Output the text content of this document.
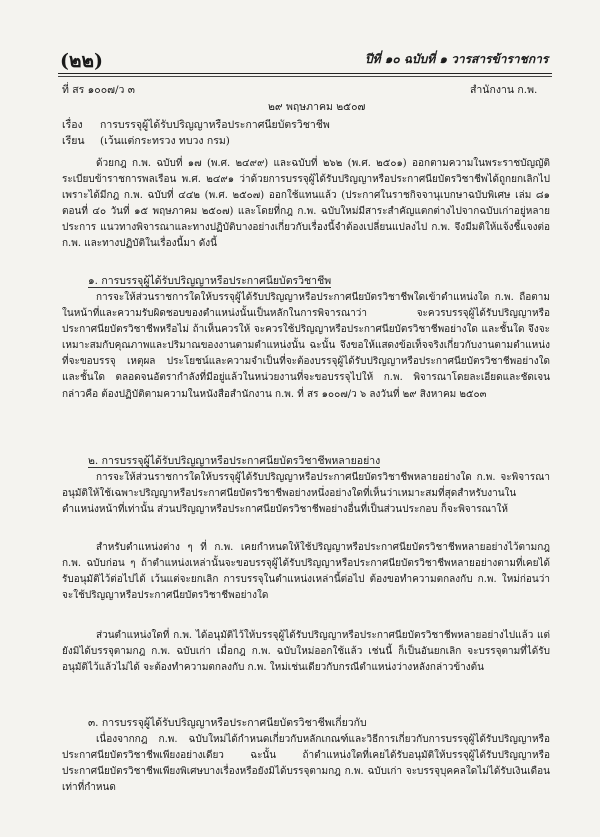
(๒๒)	ปีที่ ๑๐ ฉบับที่ ๑ วารสารข้าราชการ
ที่ สร ๑๐๐๗/ว ๓	สำนักงาน ก.พ.
๒๙ พฤษภาคม ๒๕๐๗
เรื่อง การบรรจุผู้ได้รับปริญญาหรือประกาศนียบัตรวิชาชีพ
เรียน (เว้นแต่กระทรวง ทบวง กรม)

ด้วยกฎ ก.พ. ฉบับที่ ๑๗ (พ.ศ. ๒๔๙๙) และฉบับที่ ๒๖๒ (พ.ศ. ๒๕๐๑) ออกตามความในพระราชบัญญัติระเบียบข้าราชการพลเรือน พ.ศ. ๒๔๙๑ ว่าด้วยการบรรจุผู้ได้รับปริญญาหรือประกาศนียบัตรวิชาชีพได้ถูกยกเลิกไป เพราะได้มีกฎ ก.พ. ฉบับที่ ๔๔๒ (พ.ศ. ๒๕๐๗) ออกใช้แทนแล้ว (ประกาศในราชกิจจานุเบกษาฉบับพิเศษ เล่ม ๘๑ ตอนที่ ๔๐ วันที่ ๑๕ พฤษภาคม ๒๕๐๗) และโดยที่กฎ ก.พ. ฉบับใหม่มีสาระสำคัญแตกต่างไปจากฉบับเก่าอยู่หลายประการ แนวทางพิจารณาและทางปฏิบัติบางอย่างเกี่ยวกับเรื่องนี้จำต้องเปลี่ยนแปลงไป ก.พ. จึงมีมติให้แจ้งชี้แจงต่อ ก.พ. และทางปฏิบัติในเรื่องนี้มา ดังนี้

๑. การบรรจุผู้ได้รับปริญญาหรือประกาศนียบัตรวิชาชีพ

การจะให้ส่วนราชการใดให้บรรจุผู้ได้รับปริญญาหรือประกาศนียบัตรวิชาชีพใดเข้าตำแหน่งใด ก.พ. ถือตามในหน้าที่และความรับผิดชอบของตำแหน่งนั้นเป็นหลักในการพิจารณาว่า จะควรบรรจุผู้ได้รับปริญญาหรือประกาศนียบัตรวิชาชีพหรือไม่ ถ้าเห็นควรให้ จะควรใช้ปริญญาหรือประกาศนียบัตรวิชาชีพอย่างใด และชั้นใด จึงจะเหมาะสมกับคุณภาพและปริมาณของงานตามตำแหน่งนั้น ฉะนั้น จึงขอให้แสดงข้อเท็จจริงเกี่ยวกับงานตามตำแหน่งที่จะขอบรรจุ เหตุผล ประโยชน์และความจำเป็นที่จะต้องบรรจุผู้ได้รับปริญญาหรือประกาศนียบัตรวิชาชีพอย่างใดและชั้นใด ตลอดจนอัตรากำลังที่มีอยู่แล้วในหน่วยงานที่จะขอบรรจุไปให้ ก.พ. พิจารณาโดยละเอียดและชัดเจน กล่าวคือ ต้องปฏิบัติตามความในหนังสือสำนักงาน ก.พ. ที่ สร ๑๐๐๗/ว ๖ ลงวันที่ ๒๙ สิงหาคม ๒๕๐๓

๒. การบรรจุผู้ได้รับปริญญาหรือประกาศนียบัตรวิชาชีพหลายอย่าง

การจะให้ส่วนราชการใดให้บรรจุผู้ได้รับปริญญาหรือประกาศนียบัตรวิชาชีพหลายอย่างใด ก.พ. จะพิจารณาอนุมัติให้ใช้เฉพาะปริญญาหรือประกาศนียบัตรวิชาชีพอย่างหนึ่งอย่างใดที่เห็นว่าเหมาะสมที่สุดสำหรับงานในตำแหน่งหน้าที่เท่านั้น ส่วนปริญญาหรือประกาศนียบัตรวิชาชีพอย่างอื่นที่เป็นส่วนประกอบ ก็จะพิจารณาให้

สำหรับตำแหน่งต่าง ๆ ที่ ก.พ. เคยกำหนดให้ใช้ปริญญาหรือประกาศนียบัตรวิชาชีพหลายอย่างไว้ตามกฎ ก.พ. ฉบับก่อน ๆ ถ้าตำแหน่งเหล่านั้นจะขอบรรจุผู้ได้รับปริญญาหรือประกาศนียบัตรวิชาชีพหลายอย่างตามที่เคยได้รับอนุมัติไว้ต่อไปได้ เว้นแต่จะยกเลิก การบรรจุในตำแหน่งเหล่านี้ต่อไป ต้องขอทำความตกลงกับ ก.พ. ใหม่ก่อนว่า จะใช้ปริญญาหรือประกาศนียบัตรวิชาชีพอย่างใด

ส่วนตำแหน่งใดที่ ก.พ. ได้อนุมัติไว้ให้บรรจุผู้ได้รับปริญญาหรือประกาศนียบัตรวิชาชีพหลายอย่างไปแล้ว แต่ยังมิได้บรรจุตามกฎ ก.พ. ฉบับเก่า เมื่อกฎ ก.พ. ฉบับใหม่ออกใช้แล้ว เช่นนี้ ก็เป็นอันยกเลิก จะบรรจุตามที่ได้รับอนุมัติไว้แล้วไม่ได้ จะต้องทำความตกลงกับ ก.พ. ใหม่เช่นเดียวกับกรณีตำแหน่งว่างหลังกล่าวข้างต้น

๓. การบรรจุผู้ได้รับปริญญาหรือประกาศนียบัตรวิชาชีพเกี่ยวกับ

เนื่องจากกฎ ก.พ. ฉบับใหม่ได้กำหนดเกี่ยวกับหลักเกณฑ์และวิธีการเกี่ยวกับการบรรจุผู้ได้รับปริญญาหรือประกาศนียบัตรวิชาชีพเพียงอย่างเดียว ฉะนั้น ถ้าตำแหน่งใดที่เคยได้รับอนุมัติให้บรรจุผู้ได้รับปริญญาหรือประกาศนียบัตรวิชาชีพเพียงพิเศษบางเรื่องหรือยังมิได้บรรจุตามกฎ ก.พ. ฉบับเก่า จะบรรจุบุคคลใดไม่ได้รับเงินเดือนเท่าที่กำหนด
